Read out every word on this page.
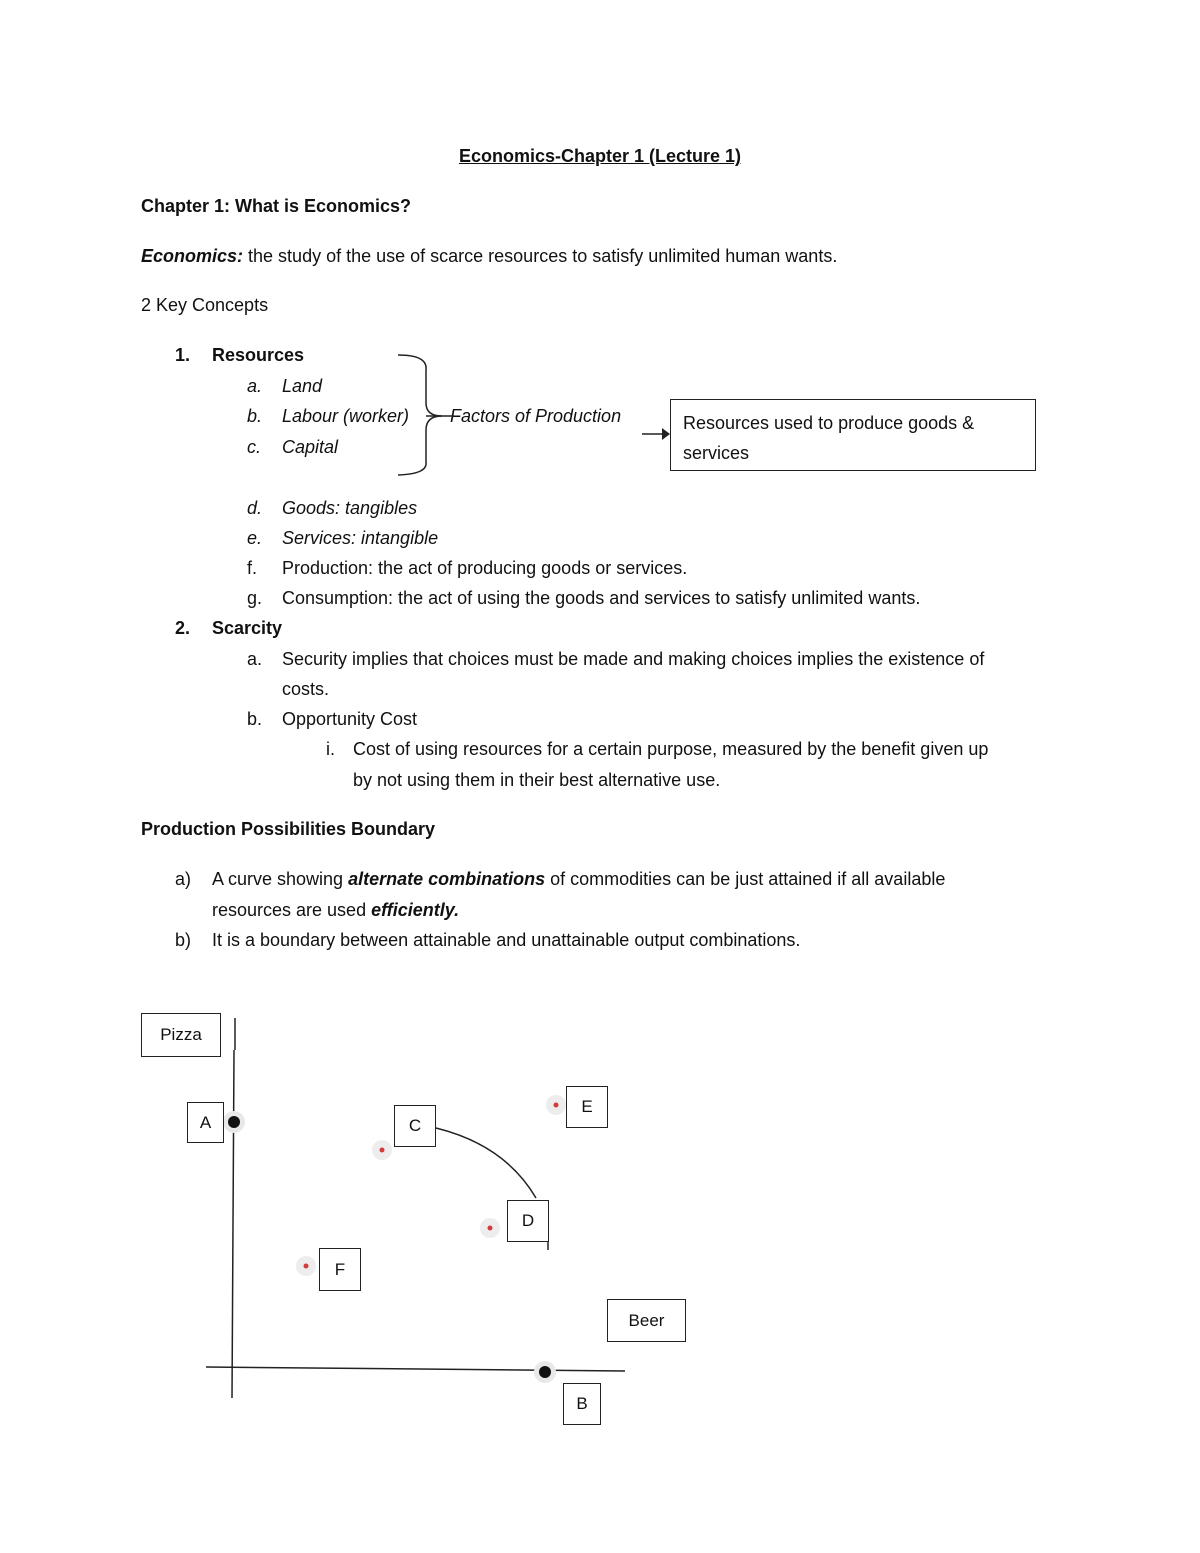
Economics-Chapter 1 (Lecture 1)
Chapter 1: What is Economics?
Economics: the study of the use of scarce resources to satisfy unlimited human wants.
2 Key Concepts
1. Resources
a. Land
b. Labour (worker)
c. Capital
Factors of Production	Resources used to produce goods & services
d. Goods: tangibles
e. Services: intangible
f. Production: the act of producing goods or services.
g. Consumption: the act of using the goods and services to satisfy unlimited wants.
2. Scarcity
a. Security implies that choices must be made and making choices implies the existence of
costs.
b. Opportunity Cost
i. Cost of using resources for a certain purpose, measured by the benefit given up
by not using them in their best alternative use.
Production Possibilities Boundary
a) A curve showing alternate combinations of commodities can be just attained if all available
resources are used efficiently.
b) It is a boundary between attainable and unattainable output combinations.
Pizza
A	C
E
D
F
Beer
B
